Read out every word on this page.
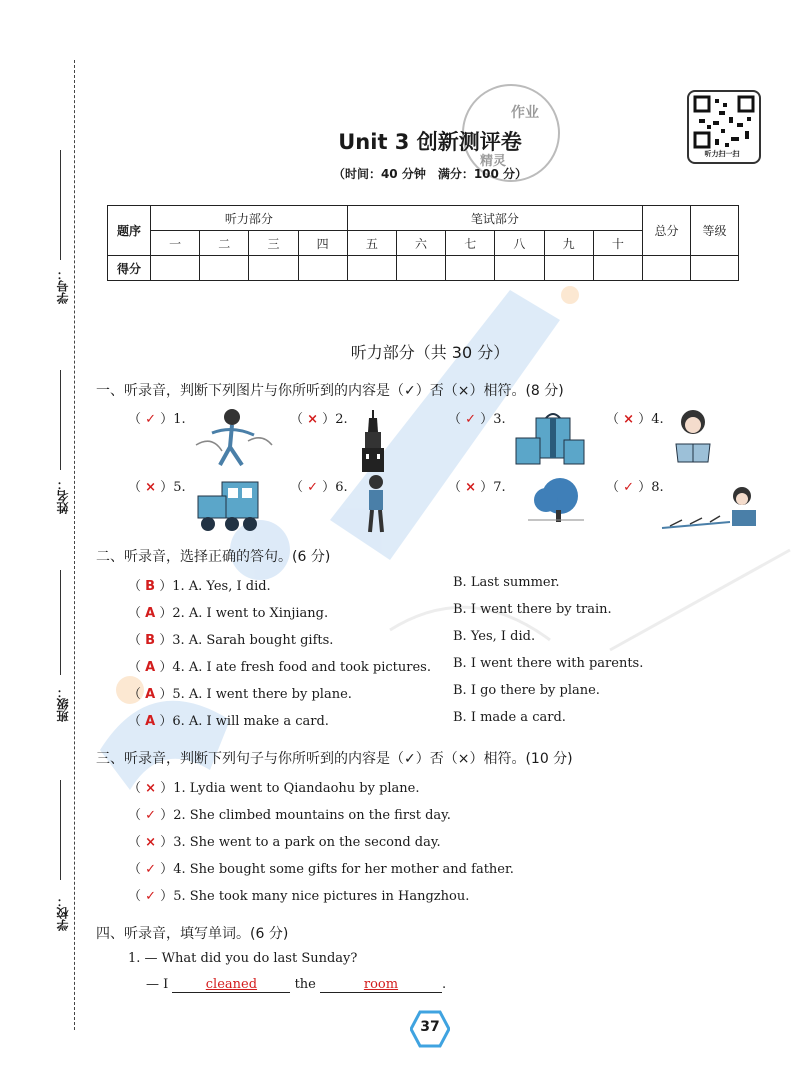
学号：
姓名：
班级：
学校：
作业
精灵	听力扫一扫
Unit 3 创新测评卷
（时间：40 分钟　满分：100 分）
题序	听力部分				笔试部分						总分	等级
	一	二	三	四	五	六	七	八	九	十		
得分												
听力部分（共 30 分）
一、听录音，判断下列图片与你所听到的内容是（✓）否（×）相符。(8 分)
（ ✓ ）1.	（ × ）2.	（ ✓ ）3.	（ × ）4.
（ × ）5.	（ ✓ ）6.	（ × ）7.	（ ✓ ）8.
二、听录音，选择正确的答句。(6 分)
（ B ）1. A. Yes, I did.	B. Last summer.
（ A ）2. A. I went to Xinjiang.	B. I went there by train.
（ B ）3. A. Sarah bought gifts.	B. Yes, I did.
（ A ）4. A. I ate fresh food and took pictures. B. I went there with parents.
（ A ）5. A. I went there by plane.	B. I go there by plane.
（ A ）6. A. I will make a card.	B. I made a card.
三、听录音，判断下列句子与你所听到的内容是（✓）否（×）相符。(10 分)
（ × ）1. Lydia went to Qiandaohu by plane.
（ ✓ ）2. She climbed mountains on the first day.
（ × ）3. She went to a park on the second day.
（ ✓ ）4. She bought some gifts for her mother and father.
（ ✓ ）5. She took many nice pictures in Hangzhou.
四、听录音，填写单词。(6 分)
1. — What did you do last Sunday?
— I	cleaned	the	room	.
37
